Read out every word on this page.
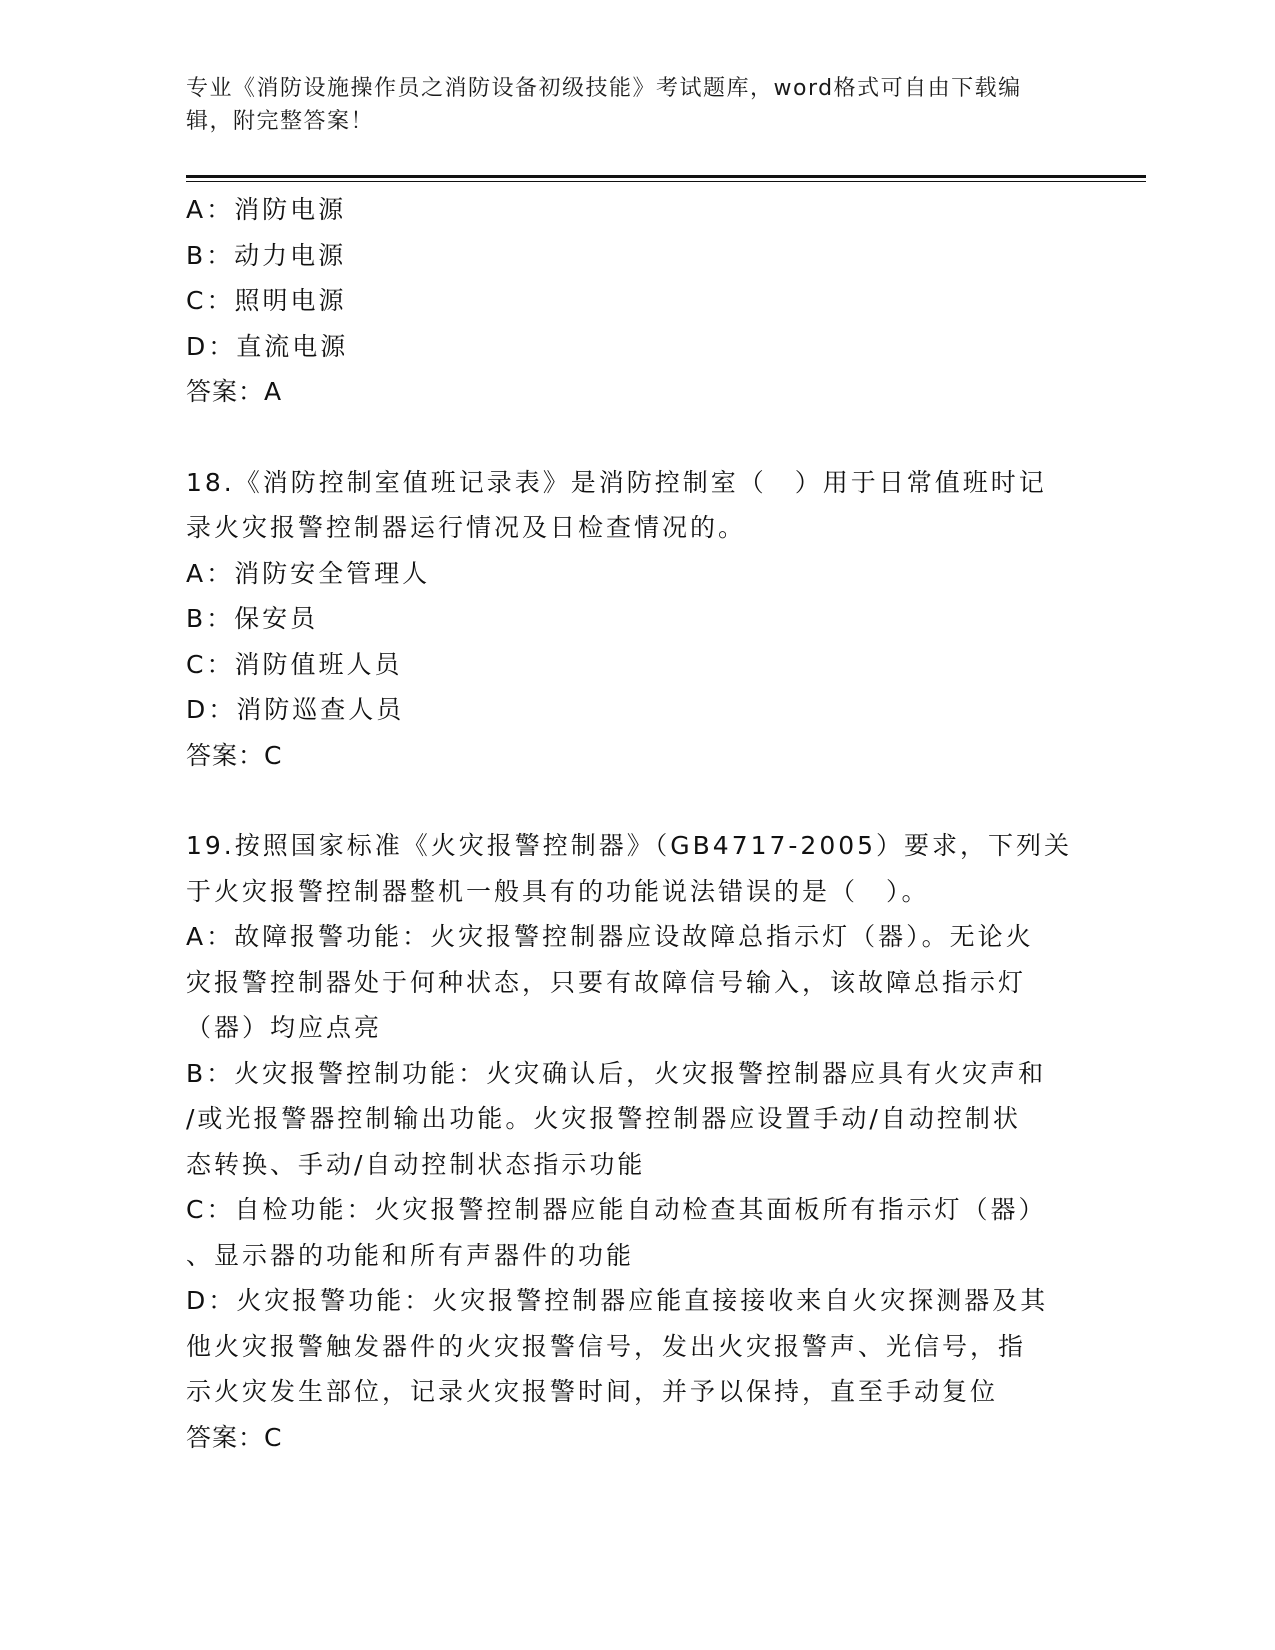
专业《消防设施操作员之消防设备初级技能》考试题库，word格式可自由下载编
辑，附完整答案！

A：消防电源

B：动力电源

C：照明电源

D：直流电源

答案：A

18.《消防控制室值班记录表》是消防控制室（　）用于日常值班时记

录火灾报警控制器运行情况及日检查情况的。

A：消防安全管理人

B：保安员

C：消防值班人员

D：消防巡查人员

答案：C

19.按照国家标准《火灾报警控制器》（GB4717-2005）要求，下列关

于火灾报警控制器整机一般具有的功能说法错误的是（　）。

A：故障报警功能：火灾报警控制器应设故障总指示灯（器）。无论火

灾报警控制器处于何种状态，只要有故障信号输入，该故障总指示灯

（器）均应点亮

B：火灾报警控制功能：火灾确认后，火灾报警控制器应具有火灾声和

/或光报警器控制输出功能。火灾报警控制器应设置手动/自动控制状

态转换、手动/自动控制状态指示功能

C：自检功能：火灾报警控制器应能自动检查其面板所有指示灯（器）

、显示器的功能和所有声器件的功能

D：火灾报警功能：火灾报警控制器应能直接接收来自火灾探测器及其

他火灾报警触发器件的火灾报警信号，发出火灾报警声、光信号，指

示火灾发生部位，记录火灾报警时间，并予以保持，直至手动复位

答案：C
